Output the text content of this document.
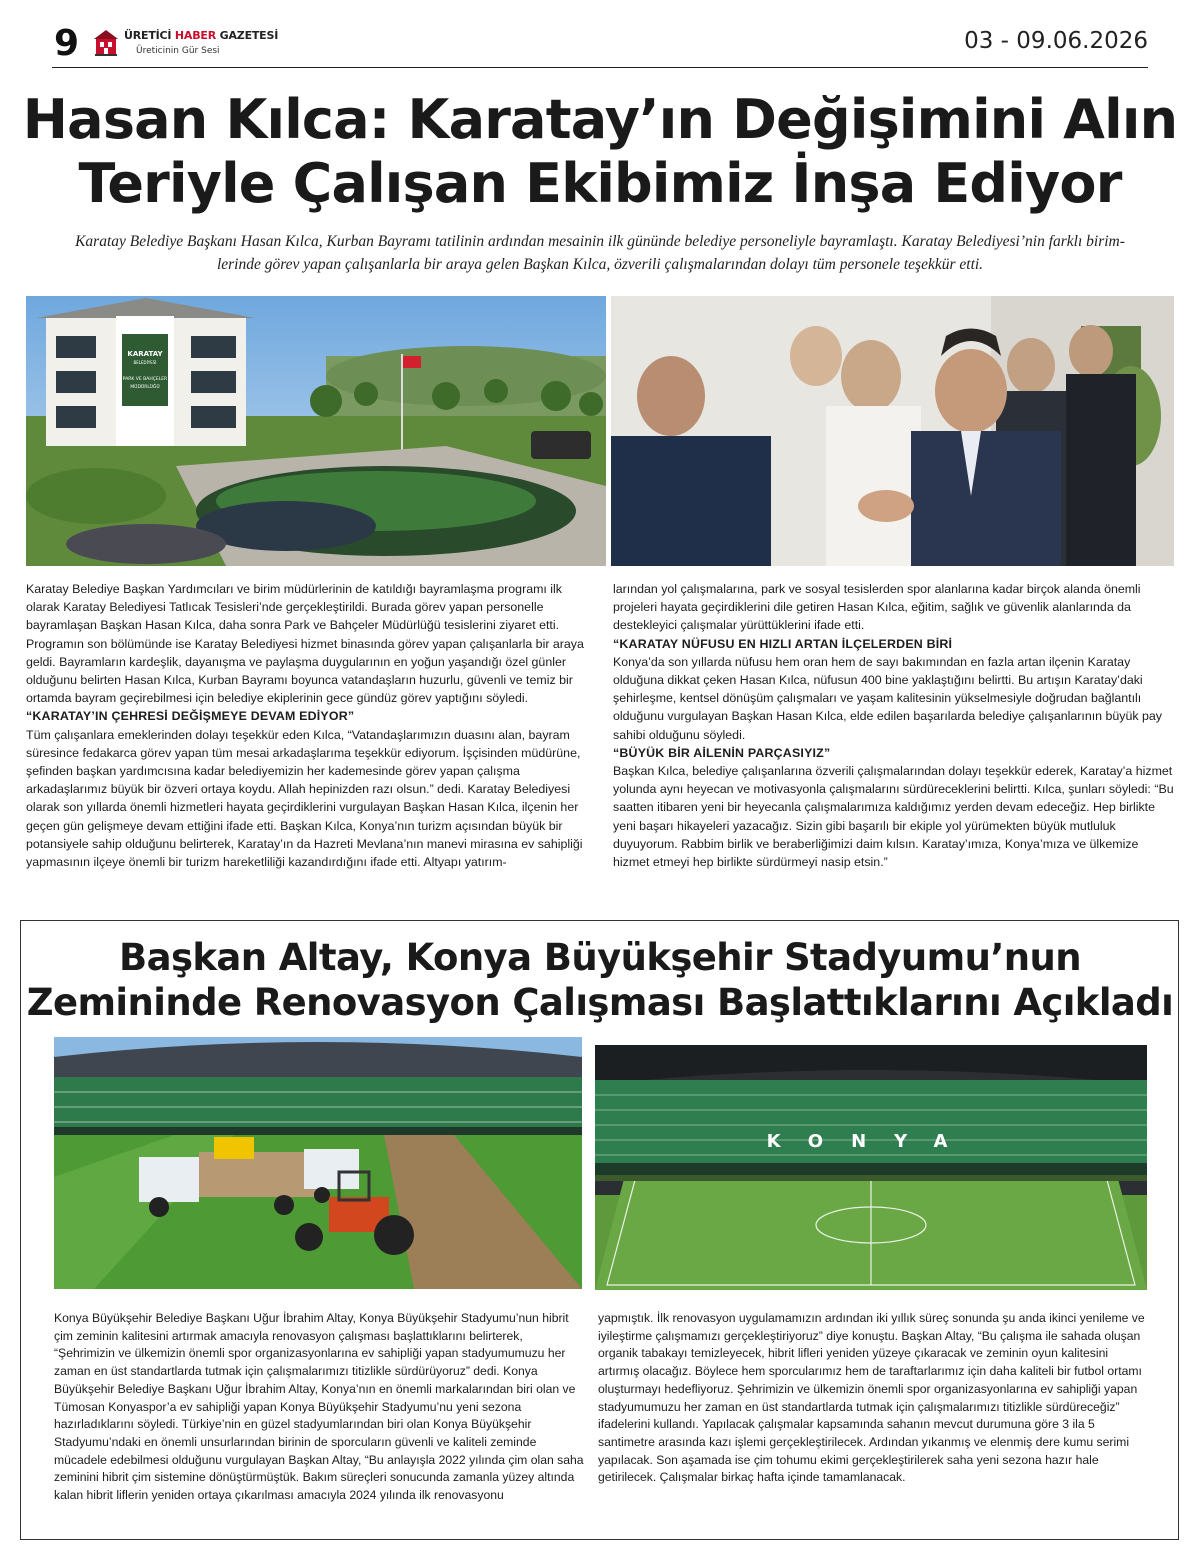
9	ÜRETİCİ HABER GAZETESİ
Üreticinin Gür Sesi	03 - 09.06.2026
Hasan Kılca: Karatay’ın Değişimini Alın
Teriyle Çalışan Ekibimiz İnşa Ediyor
Karatay Belediye Başkanı Hasan Kılca, Kurban Bayramı tatilinin ardından mesainin ilk gününde belediye personeliyle bayramlaştı. Karatay Belediyesi’nin farklı birim-
lerinde görev yapan çalışanlarla bir araya gelen Başkan Kılca, özverili çalışmalarından dolayı tüm personele teşekkür etti.
KARATAY
BELEDİYESİ
PARK VE BAHÇELER
MÜDÜRLÜĞÜ

Karatay Belediye Başkan Yardımcıları ve birim müdürlerinin de katıldığı bayramlaşma programı ilk olarak Karatay Belediyesi Tatlıcak Tesisleri’nde gerçekleştirildi. Burada görev yapan personelle bayramlaşan Başkan Hasan Kılca, daha sonra Park ve Bahçeler Müdürlüğü tesislerini ziyaret etti. Programın son bölümünde ise Karatay Belediyesi hizmet binasında görev yapan çalışanlarla bir araya geldi. Bayramların kardeşlik, dayanışma ve paylaşma duygularının en yoğun yaşandığı özel günler olduğunu belirten Hasan Kılca, Kurban Bayramı boyunca vatandaşların huzurlu, güvenli ve temiz bir ortamda bayram geçirebilmesi için belediye ekiplerinin gece gündüz görev yaptığını söyledi.

“KARATAY’IN ÇEHRESİ DEĞİŞMEYE DEVAM EDİYOR”

Tüm çalışanlara emeklerinden dolayı teşekkür eden Kılca, “Vatandaşlarımızın duasını alan, bayram süresince fedakarca görev yapan tüm mesai arkadaşlarıma teşekkür ediyorum. İşçisinden müdürüne, şefinden başkan yardımcısına kadar belediyemizin her kademesinde görev yapan çalışma arkadaşlarımız büyük bir özveri ortaya koydu. Allah hepinizden razı olsun.” dedi. Karatay Belediyesi olarak son yıllarda önemli hizmetleri hayata geçirdiklerini vurgulayan Başkan Hasan Kılca, ilçenin her geçen gün gelişmeye devam ettiğini ifade etti. Başkan Kılca, Konya’nın turizm açısından büyük bir potansiyele sahip olduğunu belirterek, Karatay’ın da Hazreti Mevlana’nın manevi mirasına ev sahipliği yapmasının ilçeye önemli bir turizm hareketliliği kazandırdığını ifade etti. Altyapı yatırım-

larından yol çalışmalarına, park ve sosyal tesislerden spor alanlarına kadar birçok alanda önemli projeleri hayata geçirdiklerini dile getiren Hasan Kılca, eğitim, sağlık ve güvenlik alanlarında da destekleyici çalışmalar yürüttüklerini ifade etti.

“KARATAY NÜFUSU EN HIZLI ARTAN İLÇELERDEN BİRİ

Konya’da son yıllarda nüfusu hem oran hem de sayı bakımından en fazla artan ilçenin Karatay olduğuna dikkat çeken Hasan Kılca, nüfusun 400 bine yaklaştığını belirtti. Bu artışın Karatay’daki şehirleşme, kentsel dönüşüm çalışmaları ve yaşam kalitesinin yükselmesiyle doğrudan bağlantılı olduğunu vurgulayan Başkan Hasan Kılca, elde edilen başarılarda belediye çalışanlarının büyük pay sahibi olduğunu söyledi.

“BÜYÜK BİR AİLENİN PARÇASIYIZ”

Başkan Kılca, belediye çalışanlarına özverili çalışmalarından dolayı teşekkür ederek, Karatay’a hizmet yolunda aynı heyecan ve motivasyonla çalışmalarını sürdüreceklerini belirtti. Kılca, şunları söyledi: “Bu saatten itibaren yeni bir heyecanla çalışmalarımıza kaldığımız yerden devam edeceğiz. Hep birlikte yeni başarı hikayeleri yazacağız. Sizin gibi başarılı bir ekiple yol yürümekten büyük mutluluk duyuyorum. Rabbim birlik ve beraberliğimizi daim kılsın. Karatay’ımıza, Konya’mıza ve ülkemize hizmet etmeyi hep birlikte sürdürmeyi nasip etsin.”

Başkan Altay, Konya Büyükşehir Stadyumu’nun
Zemininde Renovasyon Çalışması Başlattıklarını Açıkladı
KONYA

Konya Büyükşehir Belediye Başkanı Uğur İbrahim Altay, Konya Büyükşehir Stadyumu’nun hibrit çim zeminin kalitesini artırmak amacıyla renovasyon çalışması başlattıklarını belirterek, “Şehrimizin ve ülkemizin önemli spor organizasyonlarına ev sahipliği yapan stadyumumuzu her zaman en üst standartlarda tutmak için çalışmalarımızı titizlikle sürdürüyoruz” dedi. Konya Büyükşehir Belediye Başkanı Uğur İbrahim Altay, Konya’nın en önemli markalarından biri olan ve Tümosan Konyaspor’a ev sahipliği yapan Konya Büyükşehir Stadyumu’nu yeni sezona hazırladıklarını söyledi. Türkiye’nin en güzel stadyumlarından biri olan Konya Büyükşehir Stadyumu’ndaki en önemli unsurlarından birinin de sporcuların güvenli ve kaliteli zeminde mücadele edebilmesi olduğunu vurgulayan Başkan Altay, “Bu anlayışla 2022 yılında çim olan saha zeminini hibrit çim sistemine dönüştürmüştük. Bakım süreçleri sonucunda zamanla yüzey altında kalan hibrit liflerin yeniden ortaya çıkarılması amacıyla 2024 yılında ilk renovasyonu

yapmıştık. İlk renovasyon uygulamamızın ardından iki yıllık süreç sonunda şu anda ikinci yenileme ve iyileştirme çalışmamızı gerçekleştiriyoruz” diye konuştu. Başkan Altay, “Bu çalışma ile sahada oluşan organik tabakayı temizleyecek, hibrit lifleri yeniden yüzeye çıkaracak ve zeminin oyun kalitesini artırmış olacağız. Böylece hem sporcularımız hem de taraftarlarımız için daha kaliteli bir futbol ortamı oluşturmayı hedefliyoruz. Şehrimizin ve ülkemizin önemli spor organizasyonlarına ev sahipliği yapan stadyumumuzu her zaman en üst standartlarda tutmak için çalışmalarımızı titizlikle sürdüreceğiz” ifadelerini kullandı. Yapılacak çalışmalar kapsamında sahanın mevcut durumuna göre 3 ila 5 santimetre arasında kazı işlemi gerçekleştirilecek. Ardından yıkanmış ve elenmiş dere kumu serimi yapılacak. Son aşamada ise çim tohumu ekimi gerçekleştirilerek saha yeni sezona hazır hale getirilecek. Çalışmalar birkaç hafta içinde tamamlanacak.
